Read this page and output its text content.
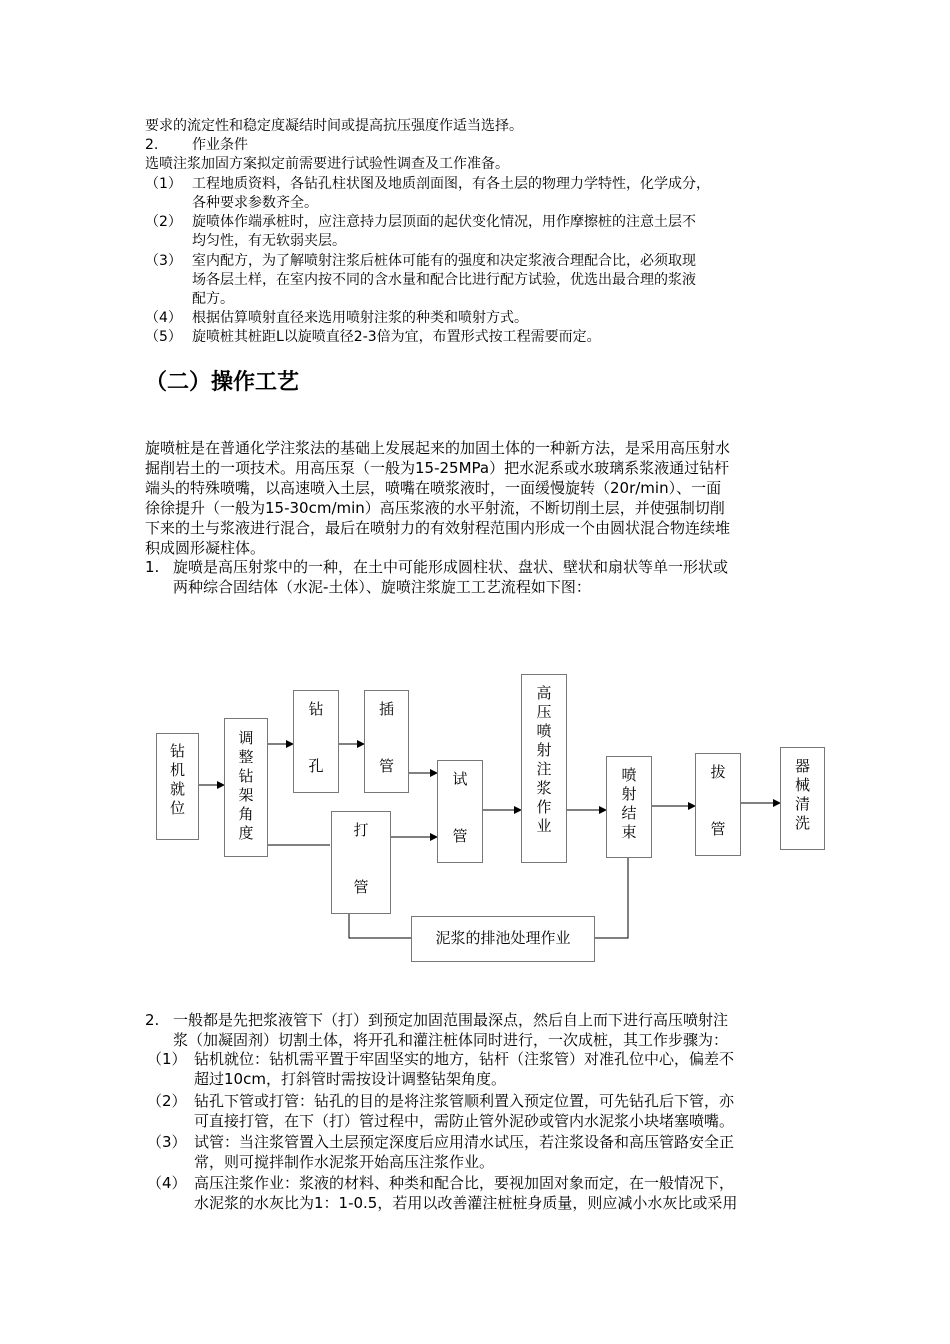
要求的流定性和稳定度凝结时间或提高抗压强度作适当选择。

2. 作业条件

选喷注浆加固方案拟定前需要进行试验性调查及工作准备。

（1） 工程地质资料，各钻孔柱状图及地质剖面图，有各土层的物理力学特性，化学成分，
各种要求参数齐全。
（2） 旋喷体作端承桩时，应注意持力层顶面的起伏变化情况，用作摩擦桩的注意土层不
均匀性，有无软弱夹层。
（3） 室内配方，为了解喷射注浆后桩体可能有的强度和决定浆液合理配合比，必须取现
场各层土样，在室内按不同的含水量和配合比进行配方试验，优选出最合理的浆液
配方。
（4） 根据估算喷射直径来选用喷射注浆的种类和喷射方式。
（5） 旋喷桩其桩距L以旋喷直径2-3倍为宜，布置形式按工程需要而定。
（二）操作工艺

旋喷桩是在普通化学注浆法的基础上发展起来的加固土体的一种新方法，是采用高压射水

掘削岩土的一项技术。用高压泵（一般为15-25MPa）把水泥系或水玻璃系浆液通过钻杆

端头的特殊喷嘴，以高速喷入土层，喷嘴在喷浆液时，一面缓慢旋转（20r/min）、一面

徐徐提升（一般为15-30cm/min）高压浆液的水平射流，不断切削土层，并使强制切削

下来的土与浆液进行混合，最后在喷射力的有效射程范围内形成一个由圆状混合物连续堆

积成圆形凝柱体。

1. 旋喷是高压射浆中的一种，在土中可能形成圆柱状、盘状、壁状和扇状等单一形状或
两种综合固结体（水泥-土体）、旋喷注浆旋工工艺流程如下图：
钻
机
就
位
调
整
钻
架
角
度
钻

孔
插

管
打

管
试

管
高
压
喷
射
注
浆
作
业
喷
射
结
束
拔

管
器
械
清
洗
泥浆的排池处理作业
2. 一般都是先把浆液管下（打）到预定加固范围最深点，然后自上而下进行高压喷射注
浆（加凝固剂）切割土体，将开孔和灌注桩体同时进行，一次成桩，其工作步骤为：
（1） 钻机就位：钻机需平置于牢固坚实的地方，钻杆（注浆管）对准孔位中心，偏差不
超过10cm，打斜管时需按设计调整钻架角度。
（2） 钻孔下管或打管：钻孔的目的是将注浆管顺利置入预定位置，可先钻孔后下管，亦
可直接打管，在下（打）管过程中，需防止管外泥砂或管内水泥浆小块堵塞喷嘴。
（3） 试管：当注浆管置入土层预定深度后应用清水试压，若注浆设备和高压管路安全正
常，则可搅拌制作水泥浆开始高压注浆作业。
（4） 高压注浆作业：浆液的材料、种类和配合比，要视加固对象而定，在一般情况下，
水泥浆的水灰比为1：1-0.5，若用以改善灌注桩桩身质量，则应减小水灰比或采用
